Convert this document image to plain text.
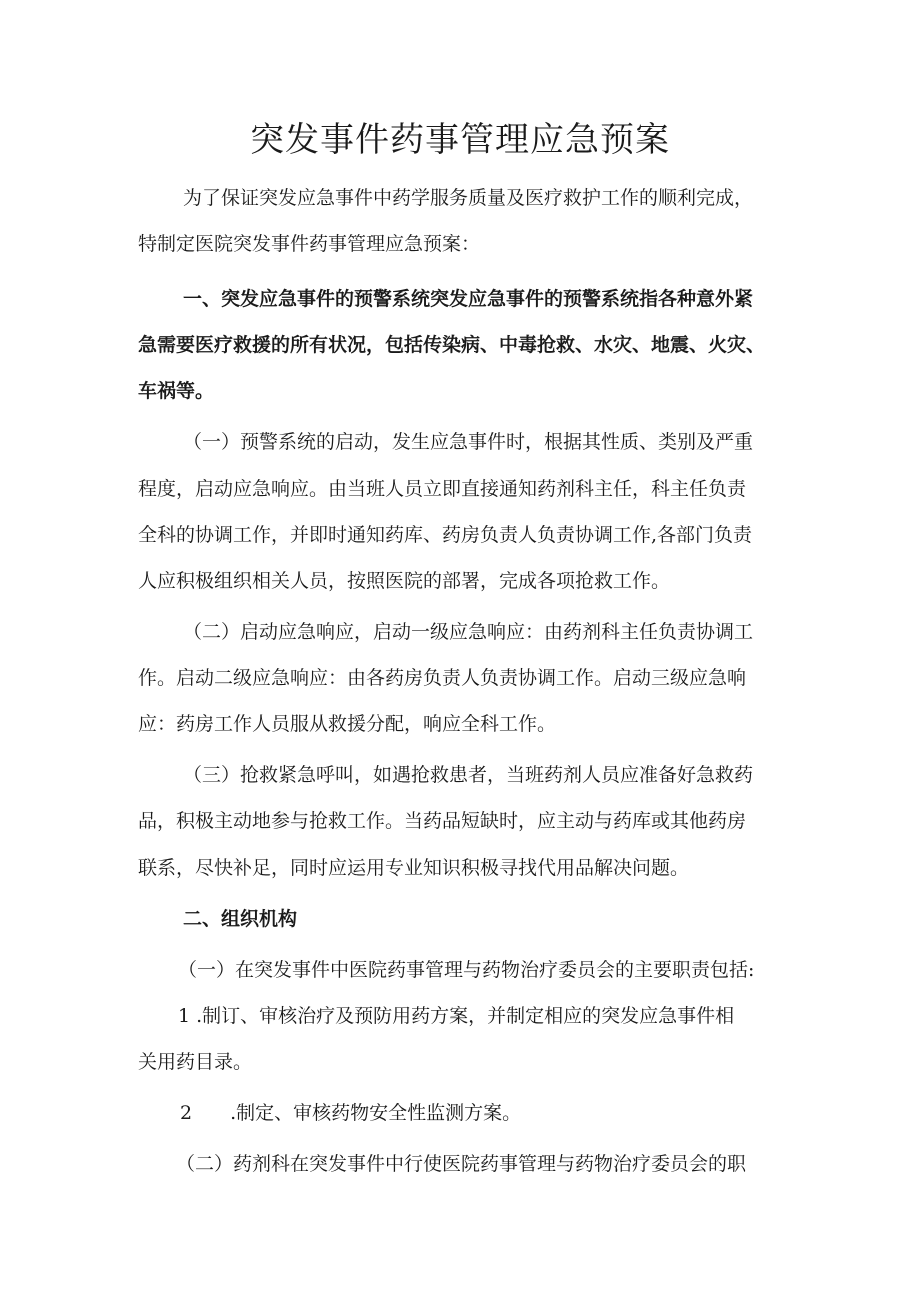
突发事件药事管理应急预案

为了保证突发应急事件中药学服务质量及医疗救护工作的顺利完成，

特制定医院突发事件药事管理应急预案：

一、突发应急事件的预警系统突发应急事件的预警系统指各种意外紧

急需要医疗救援的所有状况，包括传染病、中毒抢救、水灾、地震、火灾、

车祸等。

（一）预警系统的启动，发生应急事件时，根据其性质、类别及严重

程度，启动应急响应。由当班人员立即直接通知药剂科主任，科主任负责

全科的协调工作，并即时通知药库、药房负责人负责协调工作,各部门负责

人应积极组织相关人员，按照医院的部署，完成各项抢救工作。

（二）启动应急响应，启动一级应急响应：由药剂科主任负责协调工

作。启动二级应急响应：由各药房负责人负责协调工作。启动三级应急响

应：药房工作人员服从救援分配，响应全科工作。

（三）抢救紧急呼叫，如遇抢救患者，当班药剂人员应准备好急救药

品，积极主动地参与抢救工作。当药品短缺时，应主动与药库或其他药房

联系，尽快补足，同时应运用专业知识积极寻找代用品解决问题。

二、组织机构

（一）在突发事件中医院药事管理与药物治疗委员会的主要职责包括:

1 .制订、审核治疗及预防用药方案，并制定相应的突发应急事件相

关用药目录。

2　　.制定、审核药物安全性监测方案。

（二）药剂科在突发事件中行使医院药事管理与药物治疗委员会的职
